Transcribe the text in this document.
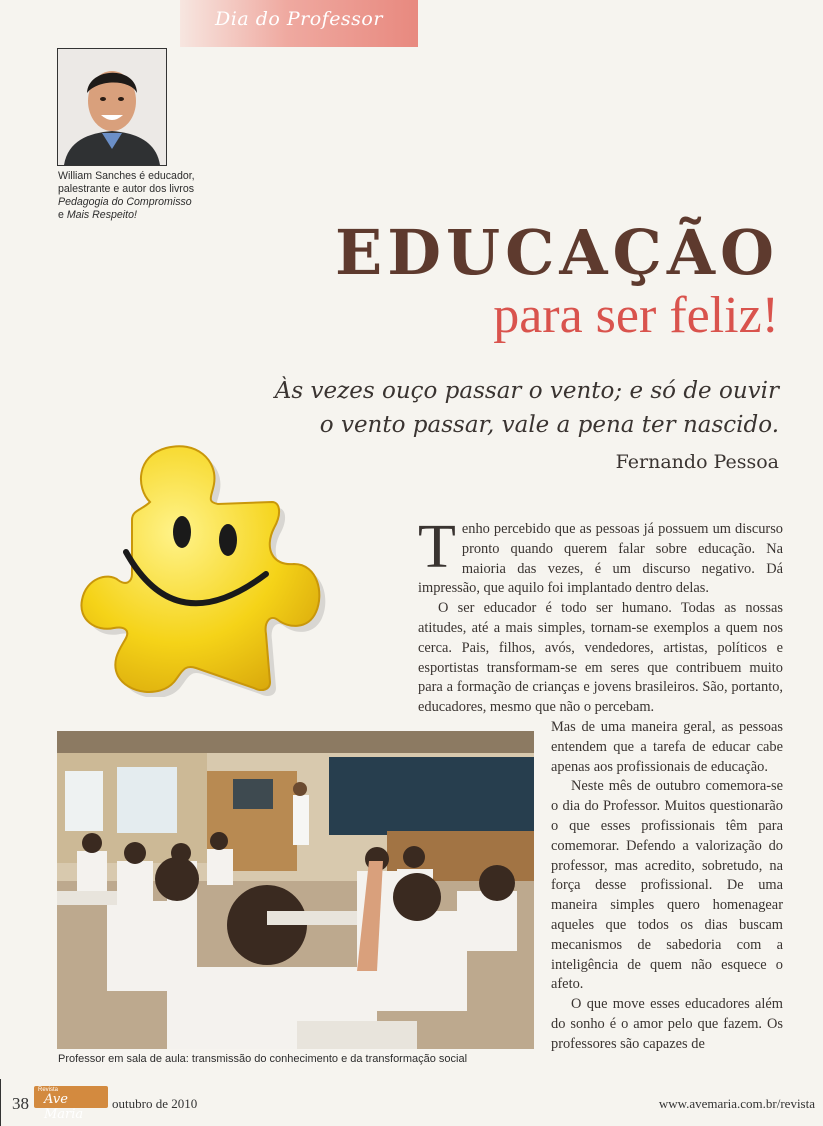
Dia do Professor
William Sanches é educador, palestrante e autor dos livros Pedagogia do Compromisso e Mais Respeito!
EDUCAÇÃO
para ser feliz!
Às vezes ouço passar o vento; e só de ouvir
o vento passar, vale a pena ter nascido.
Fernando Pessoa

Tenho percebido que as pessoas já possuem um discurso pronto quando querem falar sobre educação. Na maioria das vezes, é um discurso negativo. Dá impressão, que aquilo foi implantado dentro delas.

O ser educador é todo ser humano. Todas as nossas atitudes, até a mais simples, tornam-se exemplos a quem nos cerca. Pais, filhos, avós, vendedores, artistas, políticos e esportistas transformam-se em seres que contribuem muito para a formação de crianças e jovens brasileiros. São, portanto, educadores, mesmo que não o percebam.

Mas de uma maneira geral, as pessoas entendem que a tarefa de educar cabe apenas aos profissionais de educação.

Neste mês de outubro comemora-se o dia do Professor. Muitos questionarão o que esses profissionais têm para comemorar. Defendo a valorização do professor, mas acredito, sobretudo, na força desse profissional. De uma maneira simples quero homenagear aqueles que todos os dias buscam mecanismos de sabedoria com a inteligência de quem não esquece o afeto.

O que move esses educadores além do sonho é o amor pelo que fazem. Os professores são capazes de

Professor em sala de aula: transmissão do conhecimento e da transformação social
38
Revista
Ave Maria
outubro de 2010	www.avemaria.com.br/revista
